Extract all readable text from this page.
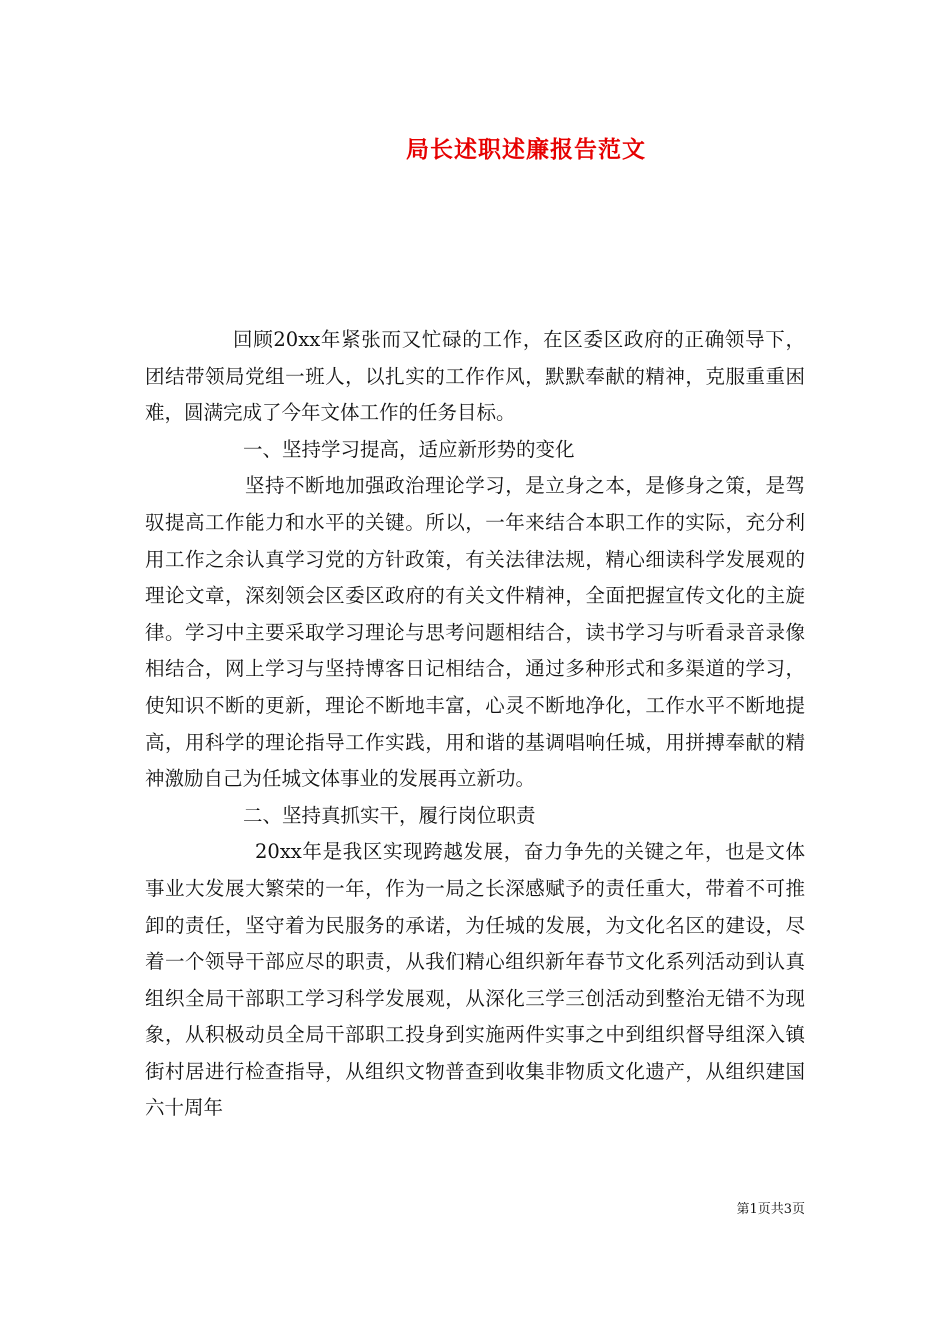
局长述职述廉报告范文

回顾20xx年紧张而又忙碌的工作，在区委区政府的正确领导下，团结带领局党组一班人，以扎实的工作作风，默默奉献的精神，克服重重困难，圆满完成了今年文体工作的任务目标。

一、坚持学习提高，适应新形势的变化

坚持不断地加强政治理论学习，是立身之本，是修身之策，是驾驭提高工作能力和水平的关键。所以，一年来结合本职工作的实际，充分利用工作之余认真学习党的方针政策，有关法律法规，精心细读科学发展观的理论文章，深刻领会区委区政府的有关文件精神，全面把握宣传文化的主旋律。学习中主要采取学习理论与思考问题相结合，读书学习与听看录音录像相结合，网上学习与坚持博客日记相结合，通过多种形式和多渠道的学习，使知识不断的更新，理论不断地丰富，心灵不断地净化，工作水平不断地提高，用科学的理论指导工作实践，用和谐的基调唱响任城，用拼搏奉献的精神激励自己为任城文体事业的发展再立新功。

二、坚持真抓实干，履行岗位职责

20xx年是我区实现跨越发展，奋力争先的关键之年，也是文体事业大发展大繁荣的一年，作为一局之长深感赋予的责任重大，带着不可推卸的责任，坚守着为民服务的承诺，为任城的发展，为文化名区的建设，尽着一个领导干部应尽的职责，从我们精心组织新年春节文化系列活动到认真组织全局干部职工学习科学发展观，从深化三学三创活动到整治无错不为现象，从积极动员全局干部职工投身到实施两件实事之中到组织督导组深入镇街村居进行检查指导，从组织文物普查到收集非物质文化遗产，从组织建国六十周年

第1页共3页
